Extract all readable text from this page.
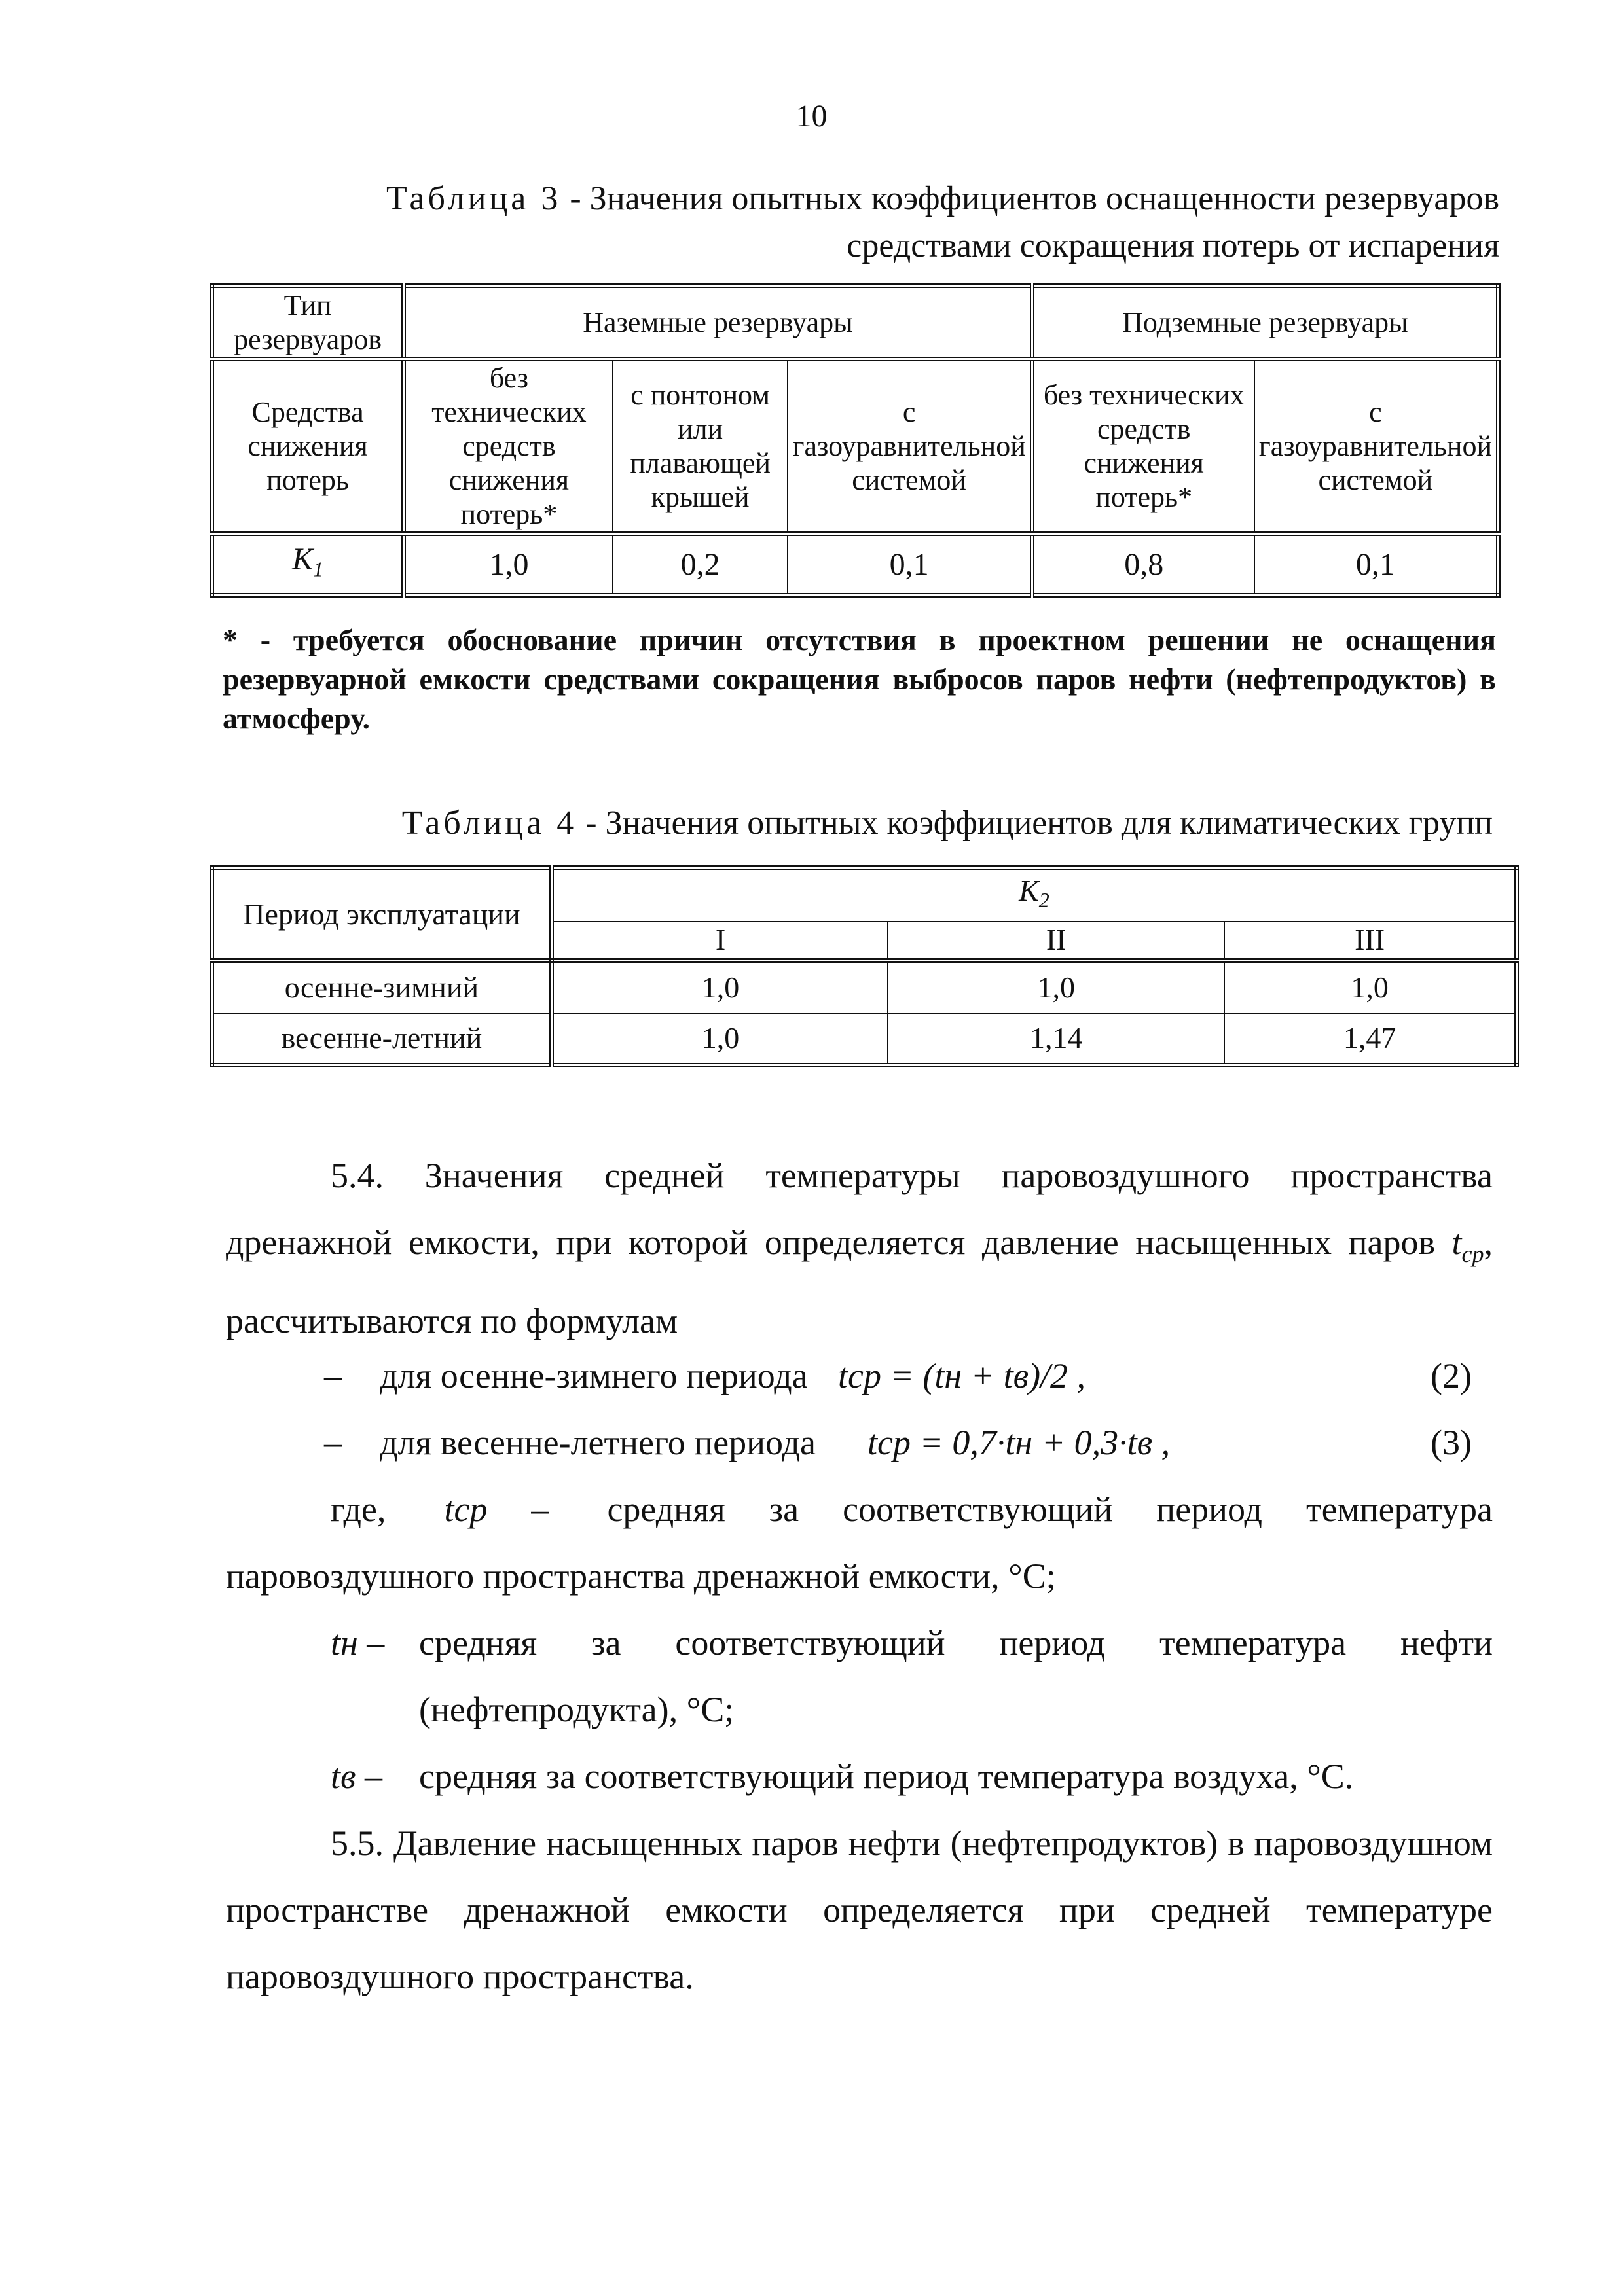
10
Таблица 3 - Значения опытных коэффициентов оснащенности резервуаров
средствами сокращения потерь от испарения
Тип резервуаров	Наземные резервуары			Подземные резервуары	
Средства снижения потерь	без технических средств снижения потерь*	с понтоном или плавающей крышей	с газоуравнительной системой	без технических средств снижения потерь*	с газоуравнительной системой
$K_1$	1,0	0,2	0,1	0,8	0,1
* - требуется обоснование причин отсутствия в проектном решении не оснащения резервуарной емкости средствами сокращения выбросов паров нефти (нефтепродуктов) в атмосферу.
Таблица 4 - Значения опытных коэффициентов для климатических групп
Период эксплуатации	$K_2$
	I	II	III
осенне-зимний	1,0	1,0	1,0
весенне-летний	1,0	1,14	1,47
5.4. Значения средней температуры паровоздушного пространства дренажной емкости, при которой определяется давление насыщенных паров $t_{ср}$, рассчитываются по формулам
– для осенне-зимнего периода tср = (tн + tв)/2 ,	(2)
– для весенне-летнего периода tср = 0,7·tн + 0,3·tв ,	(3)
где, tср – средняя за соответствующий период температура паровоздушного пространства дренажной емкости, °С;
tн – средняя за соответствующий период температура нефти (нефтепродукта), °С;
tв – средняя за соответствующий период температура воздуха, °С.
5.5. Давление насыщенных паров нефти (нефтепродуктов) в паровоздушном пространстве дренажной емкости определяется при средней температуре паровоздушного пространства.
